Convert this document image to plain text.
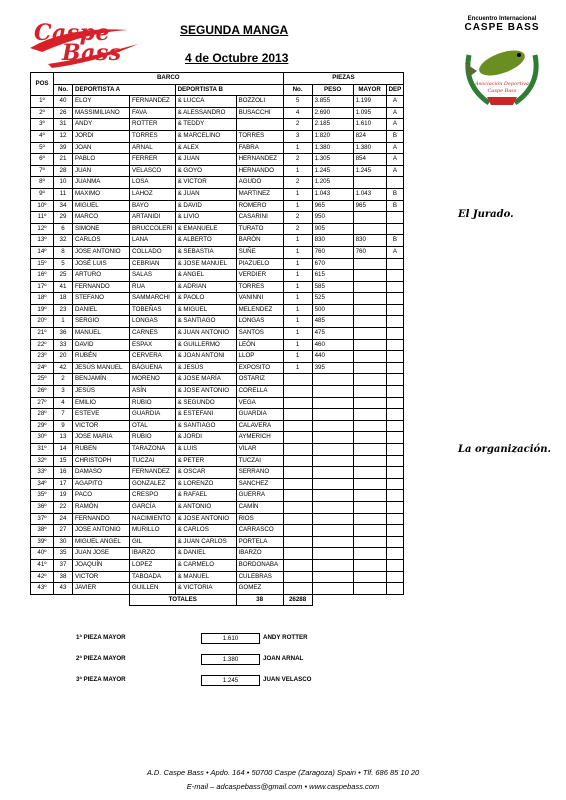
Caspe
Bass
SEGUNDA MANGA
4 de Octubre 2013
Encuentro Internacional
CASPE BASS
Asociación Deportiva
Caspe Bass
POS	BARCO					PIEZAS			
	No.	DEPORTISTA A		DEPORTISTA B		No.	PESO	MAYOR	DEP
1º	40	ELOY	FERNANDEZ	& LUCCA	BOZZOLI	5	3.855	1.199	A
2º	26	MASSIMILIANO	FAVA	& ALESSANDRO	BUSACCHI	4	2.690	1.095	A
3º	31	ANDY	ROTTER	& TEDDY		2	2.185	1.610	A
4º	12	JORDI	TORRES	& MARCELINO	TORRES	3	1.820	824	B
5º	39	JOAN	ARNAL	& ALEX	FABRA	1	1.380	1.380	A
6º	21	PABLO	FERRER	& JUAN	HERNANDEZ	2	1.305	854	A
7º	28	JUAN	VELASCO	& GOYO	HERNANDO	1	1.245	1.245	A
8º	10	JUANMA	LOSA	& VICTOR	AGUDO	2	1.205		
9º	11	MAXIMO	LAHOZ	& JUAN	MARTINEZ	1	1.043	1.043	B
10º	34	MIGUEL	BAYO	& DAVID	ROMERO	1	965	965	B
11º	29	MARCO	ARTANIDI	& LIVIO	CASARINI	2	950		
12º	6	SIMONE	BRUCCOLERI	& EMANUELE	TURATO	2	905		
13º	32	CARLOS	LANA	& ALBERTO	BARÓN	1	830	830	B
14º	8	JOSE ANTONIO	COLLADO	& SEBASTIA	SUÑE	1	760	760	A
15º	5	JOSÉ LUIS	CEBRIAN	& JOSE MANUEL	PIAZUELO	1	670		
16º	25	ARTURO	SALAS	& ANGEL	VERDIER	1	615		
17º	41	FERNANDO	RUA	& ADRIAN	TORRES	1	585		
18º	18	STEFANO	SAMMARCHI	& PAOLO	VANINNI	1	525		
19º	23	DANIEL	TOBEÑAS	& MIGUEL	MELENDEZ	1	500		
20º	1	SERGIO	LONGAS	& SANTIAGO	LONGAS	1	485		
21º	36	MANUEL	CARNES	& JUAN ANTONIO	SANTOS	1	475		
22º	33	DAVID	ESPAX	& GUILLERMO	LEÓN	1	460		
23º	20	RUBÉN	CERVERA	& JOAN ANTONI	LLOP	1	440		
24º	42	JESÚS MANUEL	BÁGUENA	& JESÚS	EXPOSITO	1	395		
25º	2	BENJAMÍN	MORENO	& JOSE MARÍA	OSTARIZ				
26º	3	JESÚS	ASÍN	& JOSE ANTONIO	CORELLA				
27º	4	EMILIO	RUBIO	& SEGUNDO	VEGA				
28º	7	ESTEVE	GUARDIA	& ESTEFANI	GUARDIA				
29º	9	VICTOR	OTAL	& SANTIAGO	CALAVERA				
30º	13	JOSE MARIA	RUBIO	& JORDI	AYMERICH				
31º	14	RUBEN	TARAZONA	& LUIS	VILAR				
32º	15	CHRISTOPH	TUCZAI	& PETER	TUCZAI				
33º	16	DAMASO	FERNANDEZ	& OSCAR	SERRANO				
34º	17	AGAPITO	GONZALEZ	& LORENZO	SANCHEZ				
35º	19	PACO	CRESPO	& RAFAEL	GUERRA				
36º	22	RAMÓN	GARCÍA	& ANTONIO	CAMÍN				
37º	24	FERNANDO	NACIMIENTO	& JOSE ANTONIO	RIOS				
38º	27	JOSE ANTONIO	MURILLO	& CARLOS	CARRASCO				
39º	30	MIGUEL ANGEL	GIL	& JUAN CARLOS	PORTELA				
40º	35	JUAN JOSE	IBARZO	& DANIEL	IBARZO				
41º	37	JOAQUÍN	LOPEZ	& CARMELO	BORDONABA				
42º	38	VICTOR	TABOADA	& MANUEL	CULEBRAS				
43º	43	JAVIER	GUILLEN	& VICTORIA	GOMEZ				
			TOTALES		38	26288			
El Jurado.
La organización.
1ª PIEZA MAYOR	1.610	ANDY ROTTER
2ª PIEZA MAYOR	1.380	JOAN ARNAL
3ª PIEZA MAYOR	1.245	JUAN VELASCO
A.D. Caspe Bass • Apdo. 164 • 50700 Caspe (Zaragoza) Spain • Tlf. 686 85 10 20
E-mail – adcaspebass@gmail.com • www.caspebass.com
